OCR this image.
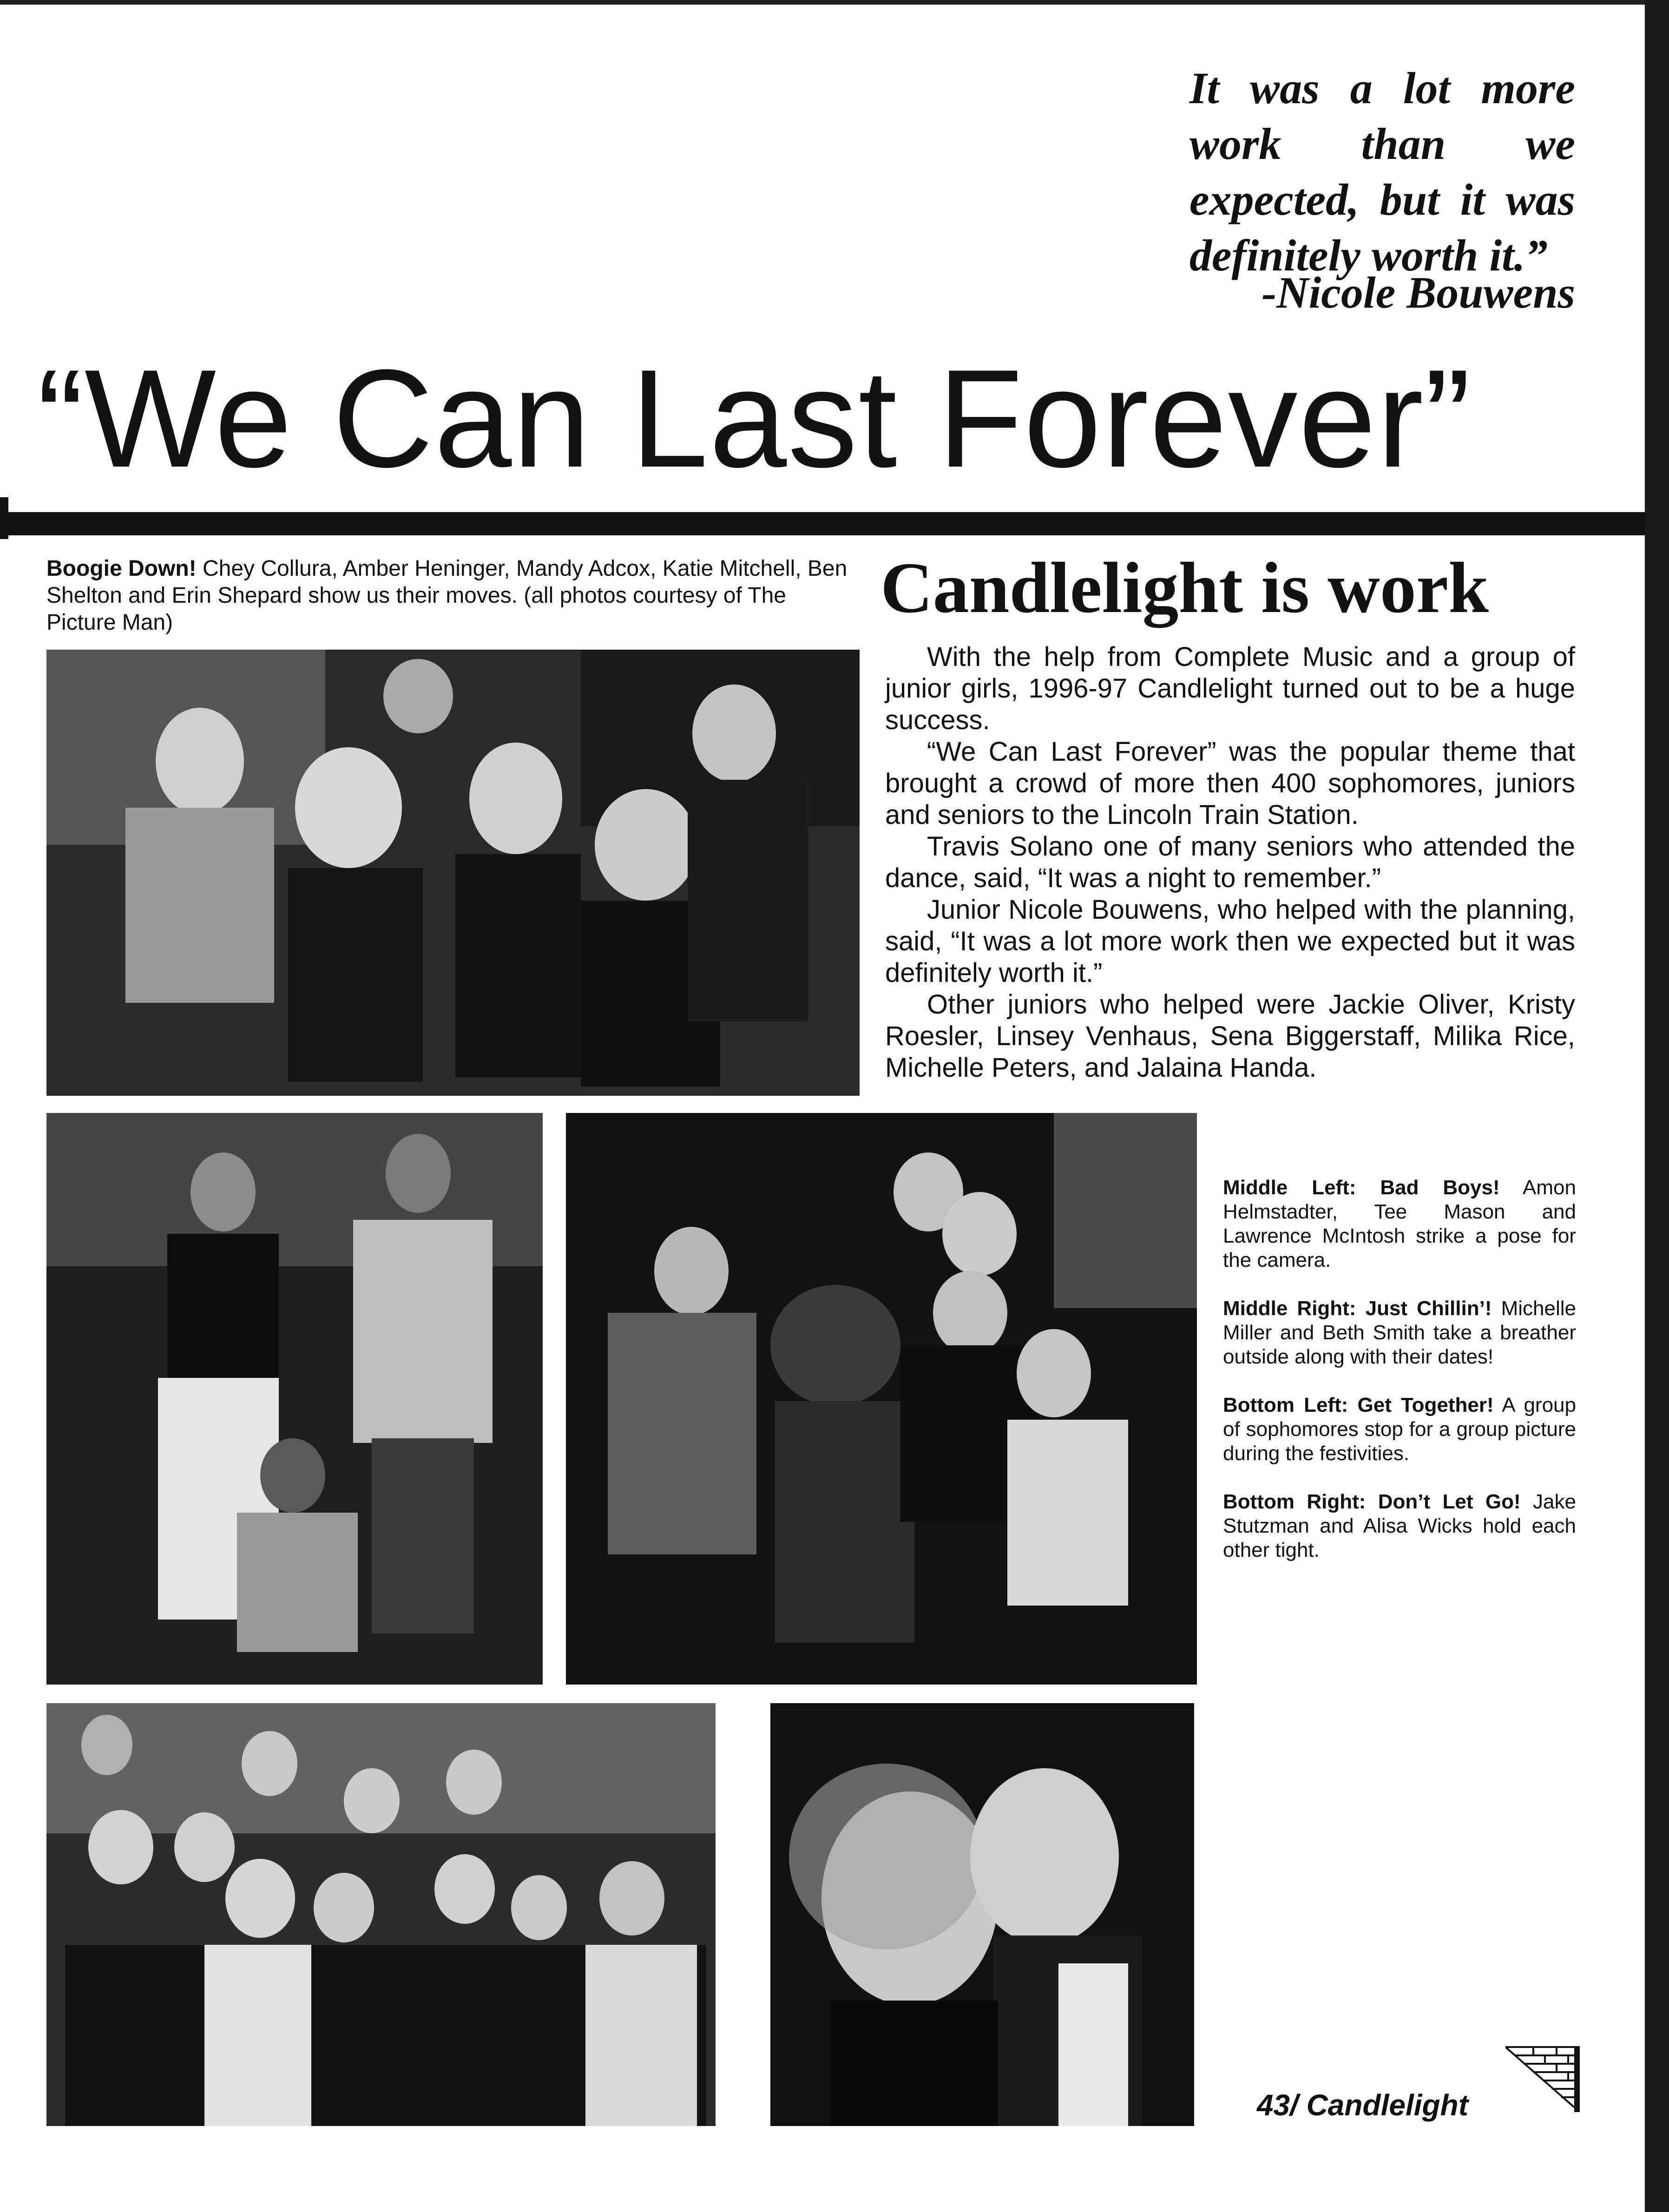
It was a lot more work than we expected, but it was definitely worth it.”
-Nicole Bouwens
“We Can Last Forever”
Boogie Down! Chey Collura, Amber Heninger, Mandy Adcox, Katie Mitchell, Ben Shelton and Erin Shepard show us their moves. (all photos courtesy of The Picture Man)	Candlelight is work

With the help from Complete Music and a group of junior girls, 1996-97 Candlelight turned out to be a huge success.

“We Can Last Forever” was the popular theme that brought a crowd of more then 400 sophomores, juniors and seniors to the Lincoln Train Station.

Travis Solano one of many seniors who attended the dance, said, “It was a night to remember.”

Junior Nicole Bouwens, who helped with the planning, said, “It was a lot more work then we expected but it was definitely worth it.”

Other juniors who helped were Jackie Oliver, Kristy Roesler, Linsey Venhaus, Sena Biggerstaff, Milika Rice, Michelle Peters, and Jalaina Handa.

Middle Left: Bad Boys! Amon Helmstadter, Tee Mason and Lawrence McIntosh strike a pose for the camera.
Middle Right: Just Chillin’! Michelle Miller and Beth Smith take a breather outside along with their dates!
Bottom Left: Get Together! A group of sophomores stop for a group picture during the festivities.
Bottom Right: Don’t Let Go! Jake Stutzman and Alisa Wicks hold each other tight.
43/ Candlelight
